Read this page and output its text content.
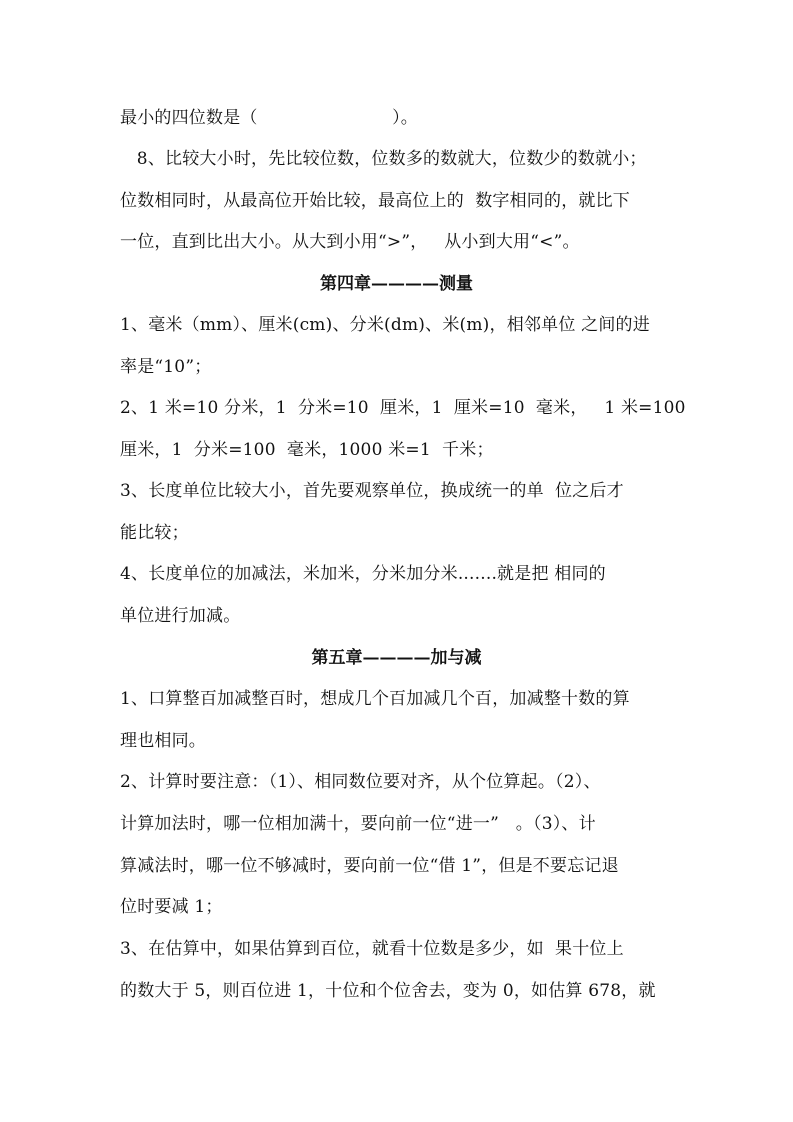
最小的四位数是（                        ）。
8、比较大小时，先比较位数，位数多的数就大，位数少的数就小；
位数相同时，从最高位开始比较，最高位上的  数字相同的，就比下
一位，直到比出大小。从大到小用“>”，   从小到大用“<”。
第四章————测量
1、毫米（mm）、厘米(cm)、分米(dm)、米(m)，相邻单位 之间的进
率是“10”；
2、1 米=10 分米，1  分米=10  厘米，1  厘米=10  毫米，   1 米=100
厘米，1  分米=100  毫米，1000 米=1  千米；
3、长度单位比较大小，首先要观察单位，换成统一的单  位之后才
能比较；
4、长度单位的加减法，米加米，分米加分米.......就是把 相同的
单位进行加减。
第五章————加与减
1、口算整百加减整百时，想成几个百加减几个百，加减整十数的算
理也相同。
2、计算时要注意：（1）、相同数位要对齐，从个位算起。（2）、
计算加法时，哪一位相加满十，要向前一位“进一”   。（3）、计
算减法时，哪一位不够减时，要向前一位“借 1”，但是不要忘记退
位时要减 1；
3、在估算中，如果估算到百位，就看十位数是多少，如  果十位上
的数大于 5，则百位进 1，十位和个位舍去，变为 0，如估算 678，就
